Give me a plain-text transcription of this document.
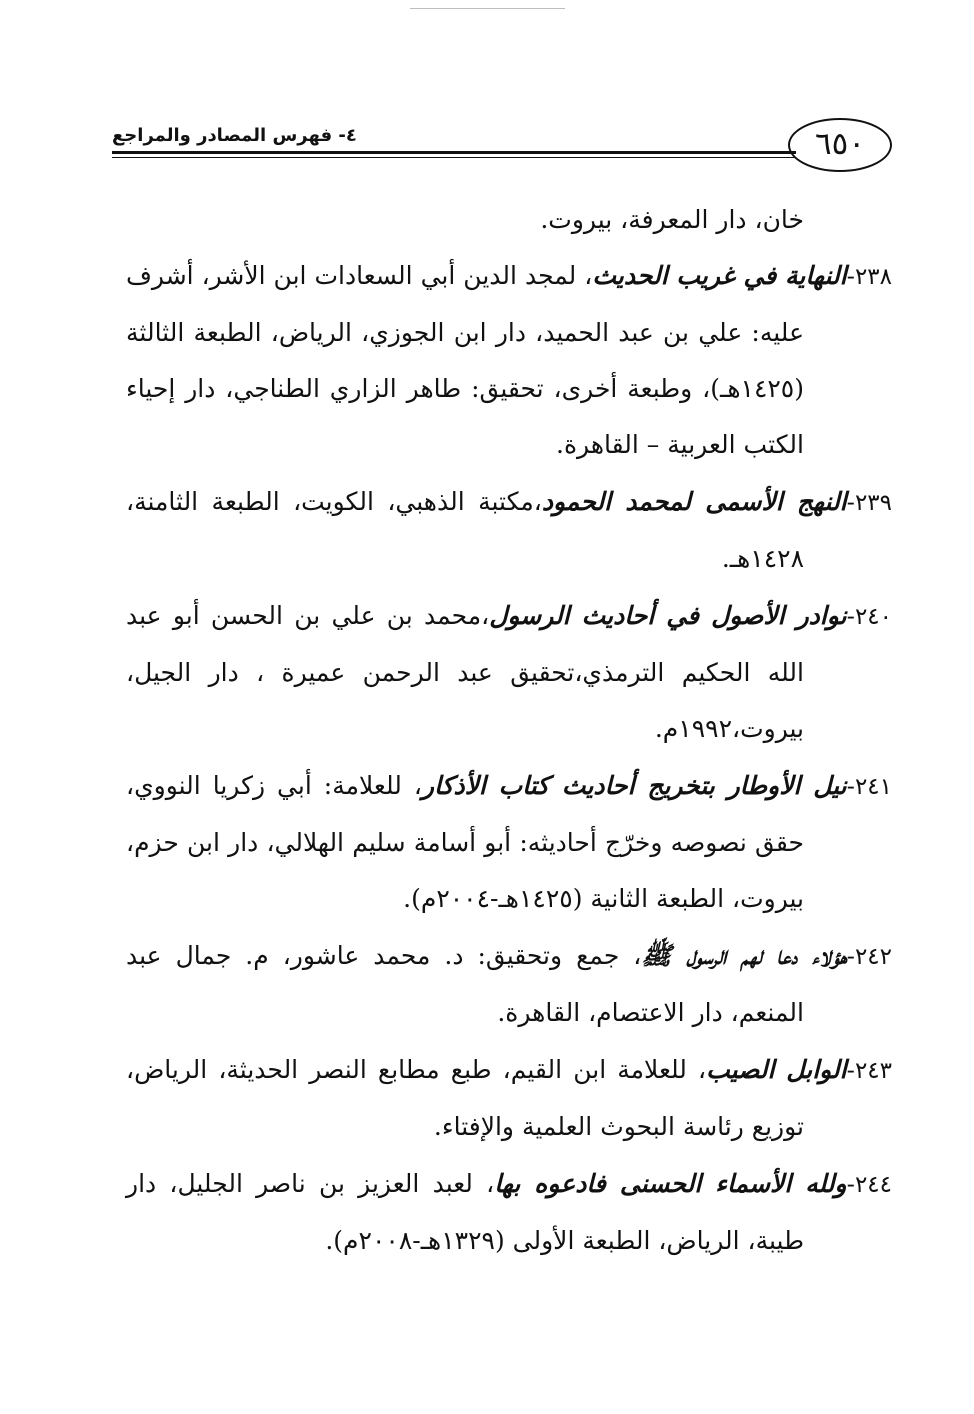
٦٥٠
٤- فهرس المصادر والمراجع

خان، دار المعرفة، بيروت.

٢٣٨-النهاية في غريب الحديث، لمجد الدين أبي السعادات ابن الأشر، أشرف عليه: علي بن عبد الحميد، دار ابن الجوزي، الرياض، الطبعة الثالثة (١٤٢٥هـ)، وطبعة أخرى، تحقيق: طاهر الزاري الطناجي، دار إحياء الكتب العربية – القاهرة.

٢٣٩-النهج الأسمى لمحمد الحمود،مكتبة الذهبي، الكويت، الطبعة الثامنة، ١٤٢٨هـ.

٢٤٠-نوادر الأصول في أحاديث الرسول،محمد بن علي بن الحسن أبو عبد الله الحكيم الترمذي،تحقيق عبد الرحمن عميرة ، دار الجيل، بيروت،١٩٩٢م.

٢٤١-نيل الأوطار بتخريج أحاديث كتاب الأذكار، للعلامة: أبي زكريا النووي، حقق نصوصه وخرّج أحاديثه: أبو أسامة سليم الهلالي، دار ابن حزم، بيروت، الطبعة الثانية (١٤٢٥هـ-٢٠٠٤م).

٢٤٢-هؤلاء دعا لهم الرسول ﷺ، جمع وتحقيق: د. محمد عاشور، م. جمال عبد المنعم، دار الاعتصام، القاهرة.

٢٤٣-الوابل الصيب، للعلامة ابن القيم، طبع مطابع النصر الحديثة، الرياض، توزيع رئاسة البحوث العلمية والإفتاء.

٢٤٤-ولله الأسماء الحسنى فادعوه بها، لعبد العزيز بن ناصر الجليل، دار طيبة، الرياض، الطبعة الأولى (١٣٢٩هـ-٢٠٠٨م).
